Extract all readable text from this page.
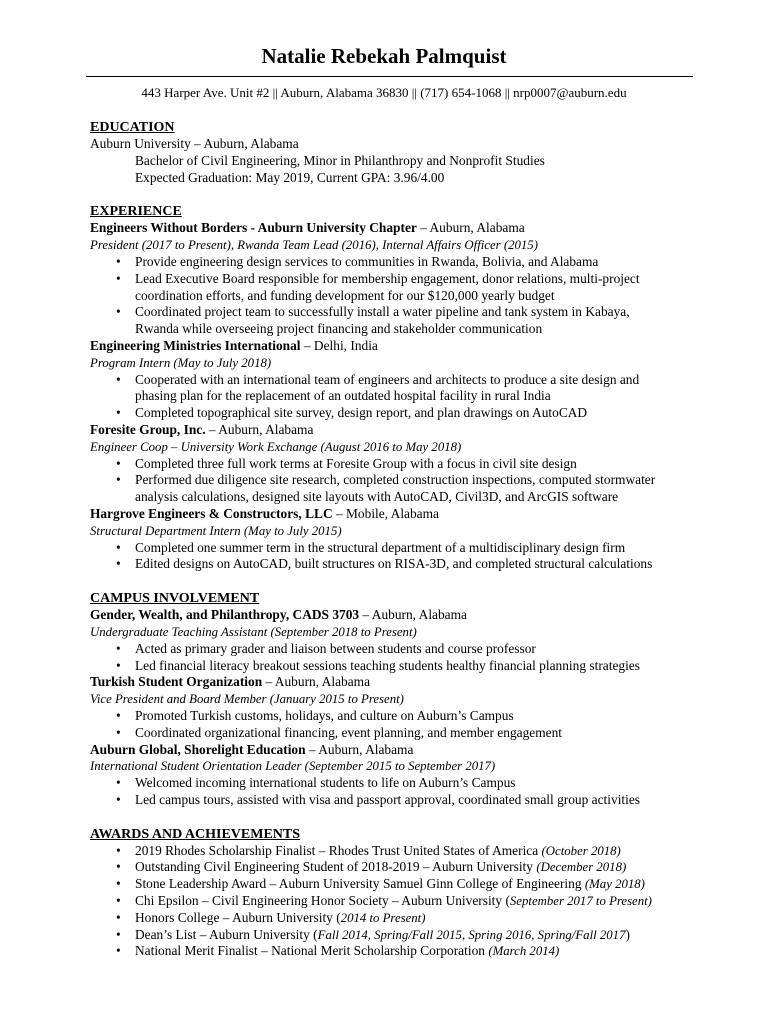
Natalie Rebekah Palmquist
443 Harper Ave. Unit #2 || Auburn, Alabama 36830 || (717) 654-1068 || nrp0007@auburn.edu
EDUCATION
Auburn University – Auburn, Alabama
Bachelor of Civil Engineering, Minor in Philanthropy and Nonprofit Studies
Expected Graduation: May 2019, Current GPA: 3.96/4.00
EXPERIENCE
Engineers Without Borders - Auburn University Chapter – Auburn, Alabama
President (2017 to Present), Rwanda Team Lead (2016), Internal Affairs Officer (2015)
• Provide engineering design services to communities in Rwanda, Bolivia, and Alabama
• Lead Executive Board responsible for membership engagement, donor relations, multi-project
coordination efforts, and funding development for our $120,000 yearly budget
• Coordinated project team to successfully install a water pipeline and tank system in Kabaya,
Rwanda while overseeing project financing and stakeholder communication
Engineering Ministries International – Delhi, India
Program Intern (May to July 2018)
• Cooperated with an international team of engineers and architects to produce a site design and
phasing plan for the replacement of an outdated hospital facility in rural India
• Completed topographical site survey, design report, and plan drawings on AutoCAD
Foresite Group, Inc. – Auburn, Alabama
Engineer Coop – University Work Exchange (August 2016 to May 2018)
• Completed three full work terms at Foresite Group with a focus in civil site design
• Performed due diligence site research, completed construction inspections, computed stormwater
analysis calculations, designed site layouts with AutoCAD, Civil3D, and ArcGIS software
Hargrove Engineers & Constructors, LLC – Mobile, Alabama
Structural Department Intern (May to July 2015)
• Completed one summer term in the structural department of a multidisciplinary design firm
• Edited designs on AutoCAD, built structures on RISA-3D, and completed structural calculations
CAMPUS INVOLVEMENT
Gender, Wealth, and Philanthropy, CADS 3703 – Auburn, Alabama
Undergraduate Teaching Assistant (September 2018 to Present)
• Acted as primary grader and liaison between students and course professor
• Led financial literacy breakout sessions teaching students healthy financial planning strategies
Turkish Student Organization – Auburn, Alabama
Vice President and Board Member (January 2015 to Present)
• Promoted Turkish customs, holidays, and culture on Auburn’s Campus
• Coordinated organizational financing, event planning, and member engagement
Auburn Global, Shorelight Education – Auburn, Alabama
International Student Orientation Leader (September 2015 to September 2017)
• Welcomed incoming international students to life on Auburn’s Campus
• Led campus tours, assisted with visa and passport approval, coordinated small group activities
AWARDS AND ACHIEVEMENTS
• 2019 Rhodes Scholarship Finalist – Rhodes Trust United States of America (October 2018)
• Outstanding Civil Engineering Student of 2018-2019 – Auburn University (December 2018)
• Stone Leadership Award – Auburn University Samuel Ginn College of Engineering (May 2018)
• Chi Epsilon – Civil Engineering Honor Society – Auburn University (September 2017 to Present)
• Honors College – Auburn University (2014 to Present)
• Dean’s List – Auburn University (Fall 2014, Spring/Fall 2015, Spring 2016, Spring/Fall 2017)
• National Merit Finalist – National Merit Scholarship Corporation (March 2014)
